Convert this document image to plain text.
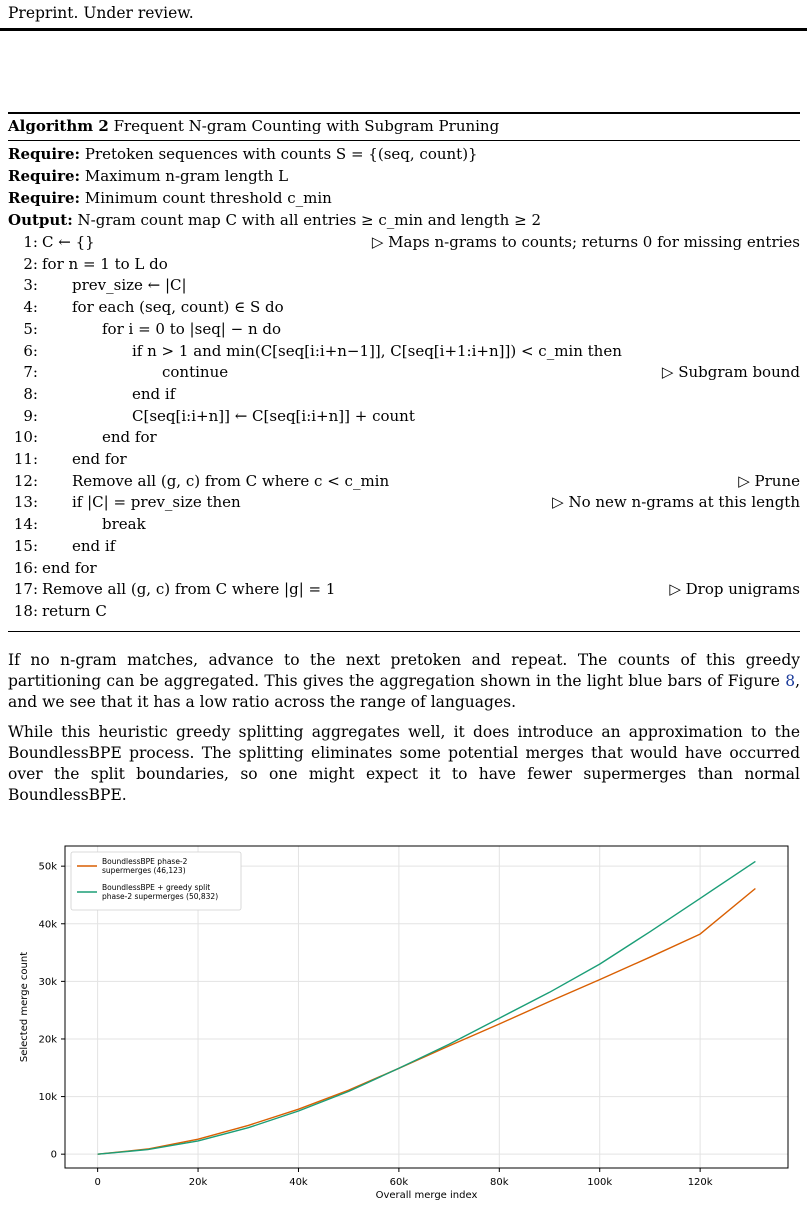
Preprint. Under review.
Algorithm 2 Frequent N-gram Counting with Subgram Pruning
Require: Pretoken sequences with counts S = {(seq, count)}
Require: Maximum n-gram length L
Require: Minimum count threshold c_min
Output: N-gram count map C with all entries ≥ c_min and length ≥ 2
1: C ← {}	▷ Maps n-grams to counts; returns 0 for missing entries
2: for n = 1 to L do
3: prev_size ← |C|
4: for each (seq, count) ∈ S do
5:	for i = 0 to |seq| − n do
6:	if n > 1 and min(C[seq[i:i+n−1]], C[seq[i+1:i+n]]) < c_min then
7:	continue	▷ Subgram bound
8:	end if
9:	C[seq[i:i+n]] ← C[seq[i:i+n]] + count
10:	end for
11: end for
12: Remove all (g, c) from C where c < c_min	▷ Prune
13: if |C| = prev_size then	▷ No new n-grams at this length
14:	break
15: end if
16: end for
17: Remove all (g, c) from C where |g| = 1	▷ Drop unigrams
18: return C

If no n-gram matches, advance to the next pretoken and repeat. The counts of this greedy partitioning can be aggregated. This gives the aggregation shown in the light blue bars of Figure 8, and we see that it has a low ratio across the range of languages.

While this heuristic greedy splitting aggregates well, it does introduce an approximation to the BoundlessBPE process. The splitting eliminates some potential merges that would have occurred over the split boundaries, so one might expect it to have fewer supermerges than normal BoundlessBPE.

0	20k	40k	60k	80k	100k	120k
0
10k
20k
30k
40k
50k
Overall merge index
Selected merge count
BoundlessBPE phase-2
supermerges (46,123)
BoundlessBPE + greedy split
phase-2 supermerges (50,832)
